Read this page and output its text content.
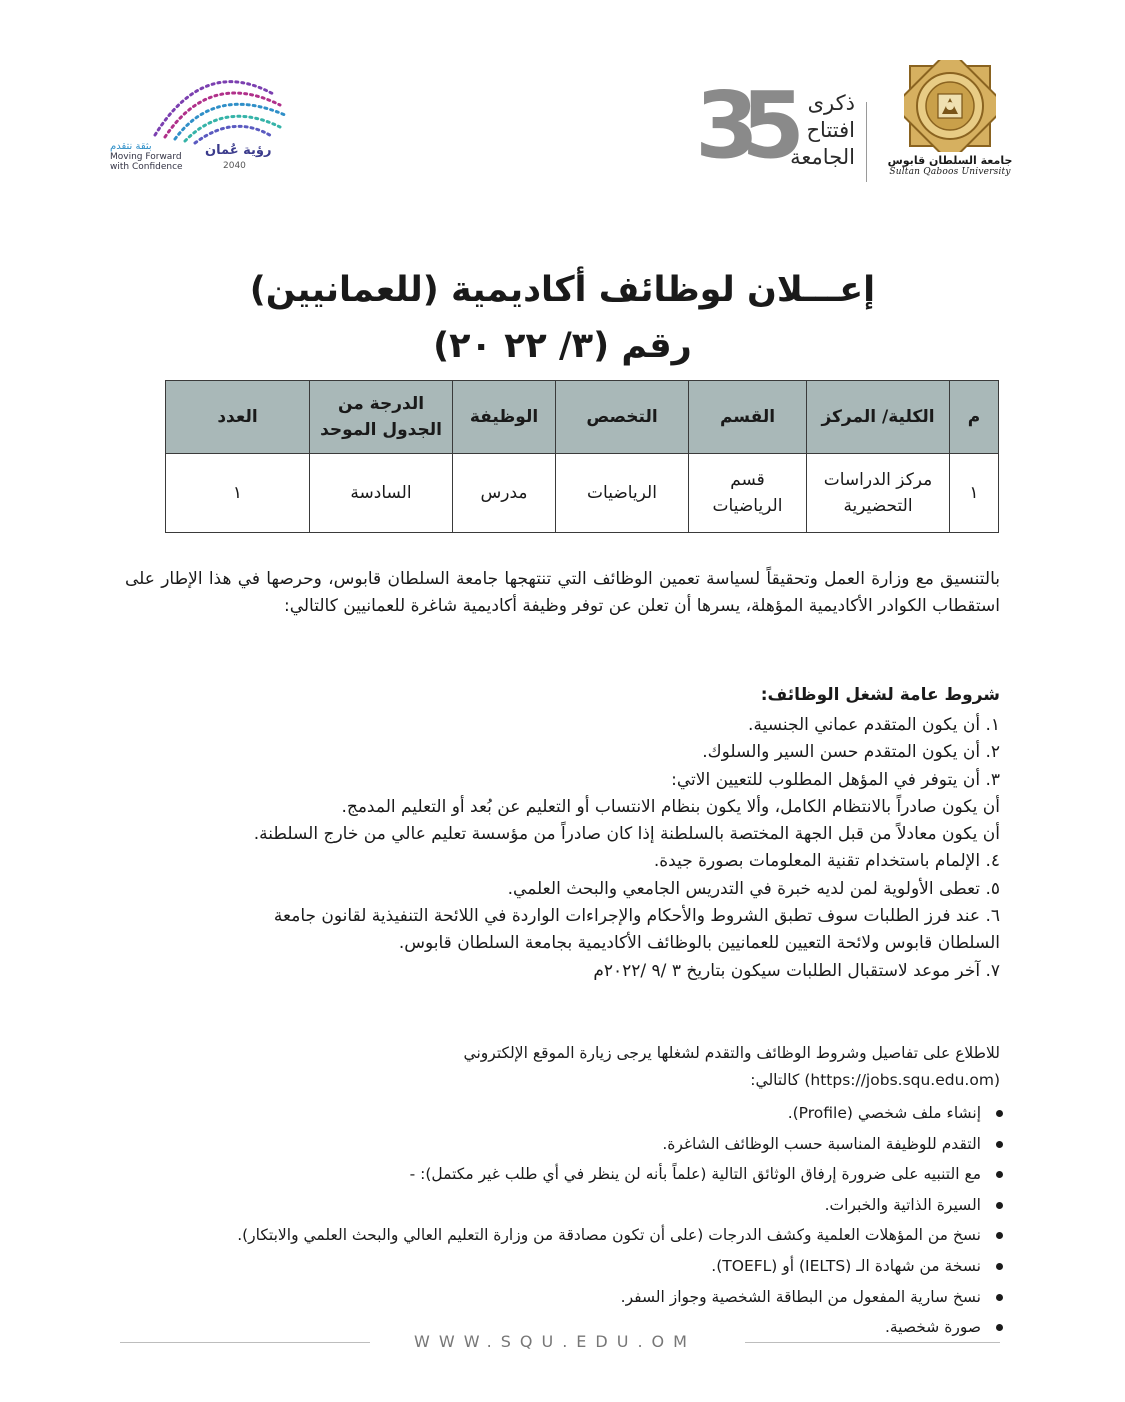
جامعة السلطان قابوس
Sultan Qaboos University
35 ذكرى
افتتاح
الجامعة
بثقة نتقدم
Moving Forward
with Confidence
رؤية عُمان
2040
إعـــلان لوظائف أكاديمية (للعمانيين)
رقم (٣/ ٢٢ ٢٠)
م	الكلية/ المركز	القسم	التخصص	الوظيفة	الدرجة من الجدول الموحد	العدد
١	مركز الدراسات التحضيرية	قسم الرياضيات	الرياضيات	مدرس	السادسة	١
بالتنسيق مع وزارة العمل وتحقيقاً لسياسة تعمين الوظائف التي تنتهجها جامعة السلطان قابوس، وحرصها في هذا الإطار على استقطاب الكوادر الأكاديمية المؤهلة، يسرها أن تعلن عن توفر وظيفة أكاديمية شاغرة للعمانيين كالتالي:
شروط عامة لشغل الوظائف:
١. أن يكون المتقدم عماني الجنسية.
٢. أن يكون المتقدم حسن السير والسلوك.
٣. أن يتوفر في المؤهل المطلوب للتعيين الاتي:
أن يكون صادراً بالانتظام الكامل، وألا يكون بنظام الانتساب أو التعليم عن بُعد أو التعليم المدمج.
أن يكون معادلاً من قبل الجهة المختصة بالسلطنة إذا كان صادراً من مؤسسة تعليم عالي من خارج السلطنة.
٤. الإلمام باستخدام تقنية المعلومات بصورة جيدة.
٥. تعطى الأولوية لمن لديه خبرة في التدريس الجامعي والبحث العلمي.
٦. عند فرز الطلبات سوف تطبق الشروط والأحكام والإجراءات الواردة في اللائحة التنفيذية لقانون جامعة
السلطان قابوس ولائحة التعيين للعمانيين بالوظائف الأكاديمية بجامعة السلطان قابوس.
٧. آخر موعد لاستقبال الطلبات سيكون بتاريخ ٣ /٩ /٢٠٢٢م
للاطلاع على تفاصيل وشروط الوظائف والتقدم لشغلها يرجى زيارة الموقع الإلكتروني
(https://jobs.squ.edu.om) كالتالي:
إنشاء ملف شخصي (Profile).
التقدم للوظيفة المناسبة حسب الوظائف الشاغرة.
مع التنبيه على ضرورة إرفاق الوثائق التالية (علماً بأنه لن ينظر في أي طلب غير مكتمل): -
السيرة الذاتية والخبرات.
نسخ من المؤهلات العلمية وكشف الدرجات (على أن تكون مصادقة من وزارة التعليم العالي والبحث العلمي والابتكار).
نسخة من شهادة الـ (IELTS) أو (TOEFL).
نسخ سارية المفعول من البطاقة الشخصية وجواز السفر.
صورة شخصية.
WWW.SQU.EDU.OM
